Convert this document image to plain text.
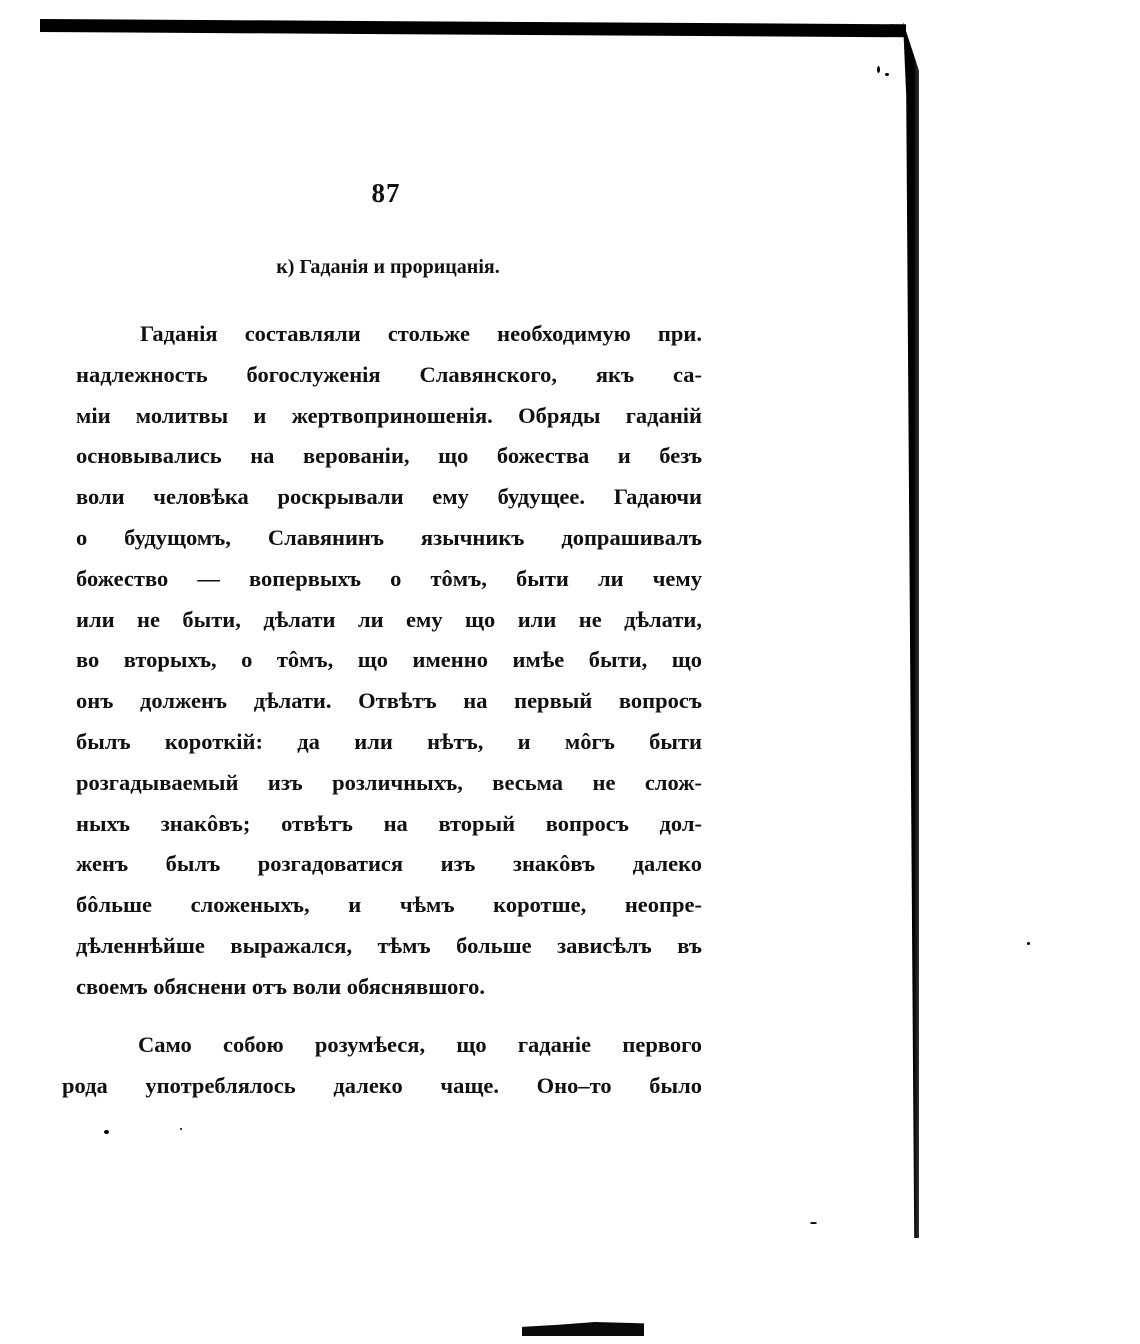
87
к) Гаданія и прорицанія.
Гаданія составляли стольже необходимую при.
надлежность богослуженія Славянского, якъ са-
міи молитвы и жертвоприношенія. Обряды гаданій
основывались на верованіи, що божества и безъ
воли человѣка роскрывали ему будущее. Гадаючи
о будущомъ, Славянинъ язычникъ допрашивалъ
божество — вопервыхъ о тôмъ, быти ли чему
или не быти, дѣлати ли ему що или не дѣлати,
во вторыхъ, о тôмъ, що именно имѣе быти, що
онъ долженъ дѣлати. Отвѣтъ на первый вопросъ
былъ короткій: да или нѣтъ, и мôгъ быти
розгадываемый изъ розличныхъ, весьма не слож-
ныхъ знакôвъ; отвѣтъ на вторый вопросъ дол-
женъ былъ розгадоватися изъ знакôвъ далеко
бôльше сложеныхъ, и чѣмъ коротше, неопре-
дѣленнѣйше выражался, тѣмъ больше зависѣлъ въ
своемъ обяснени отъ воли обяснявшого.
Само собою розумѣеся, що гаданіе первого
рода употреблялось далеко чаще. Оно–то было
